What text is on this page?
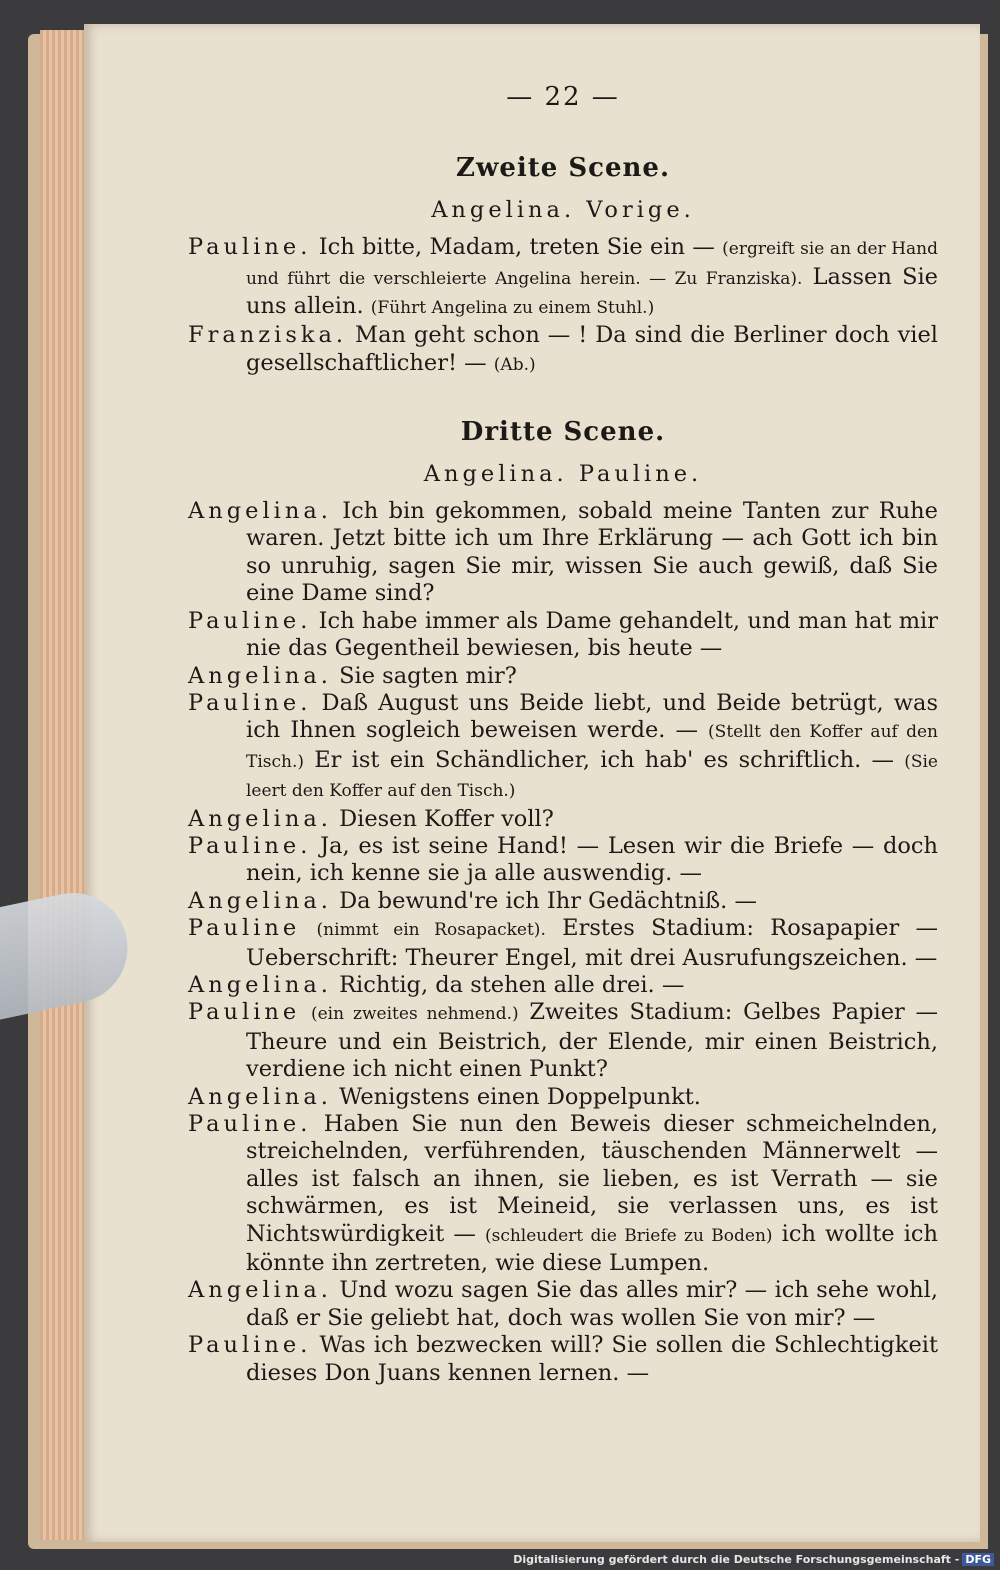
— 22 —
Zweite Scene.
Angelina. Vorige.

Pauline. Ich bitte, Madam, treten Sie ein — (ergreift sie an der Hand und führt die verschleierte Angelina herein. — Zu Franziska). Lassen Sie uns allein. (Führt Angelina zu einem Stuhl.)

Franziska. Man geht schon — ! Da sind die Berliner doch viel gesellschaftlicher! — (Ab.)

Dritte Scene.
Angelina. Pauline.

Angelina. Ich bin gekommen, sobald meine Tanten zur Ruhe waren. Jetzt bitte ich um Ihre Erklärung — ach Gott ich bin so unruhig, sagen Sie mir, wissen Sie auch gewiß, daß Sie eine Dame sind?

Pauline. Ich habe immer als Dame gehandelt, und man hat mir nie das Gegentheil bewiesen, bis heute —

Angelina. Sie sagten mir?

Pauline. Daß August uns Beide liebt, und Beide betrügt, was ich Ihnen sogleich beweisen werde. — (Stellt den Koffer auf den Tisch.) Er ist ein Schändlicher, ich hab' es schriftlich. — (Sie leert den Koffer auf den Tisch.)

Angelina. Diesen Koffer voll?

Pauline. Ja, es ist seine Hand! — Lesen wir die Briefe — doch nein, ich kenne sie ja alle auswendig. —

Angelina. Da bewund're ich Ihr Gedächtniß. —

Pauline (nimmt ein Rosapacket). Erstes Stadium: Rosapapier — Ueberschrift: Theurer Engel, mit drei Ausrufungszeichen. —

Angelina. Richtig, da stehen alle drei. —

Pauline (ein zweites nehmend.) Zweites Stadium: Gelbes Papier — Theure und ein Beistrich, der Elende, mir einen Beistrich, verdiene ich nicht einen Punkt?

Angelina. Wenigstens einen Doppelpunkt.

Pauline. Haben Sie nun den Beweis dieser schmeichelnden, streichelnden, verführenden, täuschenden Männerwelt — alles ist falsch an ihnen, sie lieben, es ist Verrath — sie schwärmen, es ist Meineid, sie verlassen uns, es ist Nichtswürdigkeit — (schleudert die Briefe zu Boden) ich wollte ich könnte ihn zertreten, wie diese Lumpen.

Angelina. Und wozu sagen Sie das alles mir? — ich sehe wohl, daß er Sie geliebt hat, doch was wollen Sie von mir? —

Pauline. Was ich bezwecken will? Sie sollen die Schlechtigkeit dieses Don Juans kennen lernen. —

Digitalisierung gefördert durch die Deutsche Forschungsgemeinschaft - DFG
